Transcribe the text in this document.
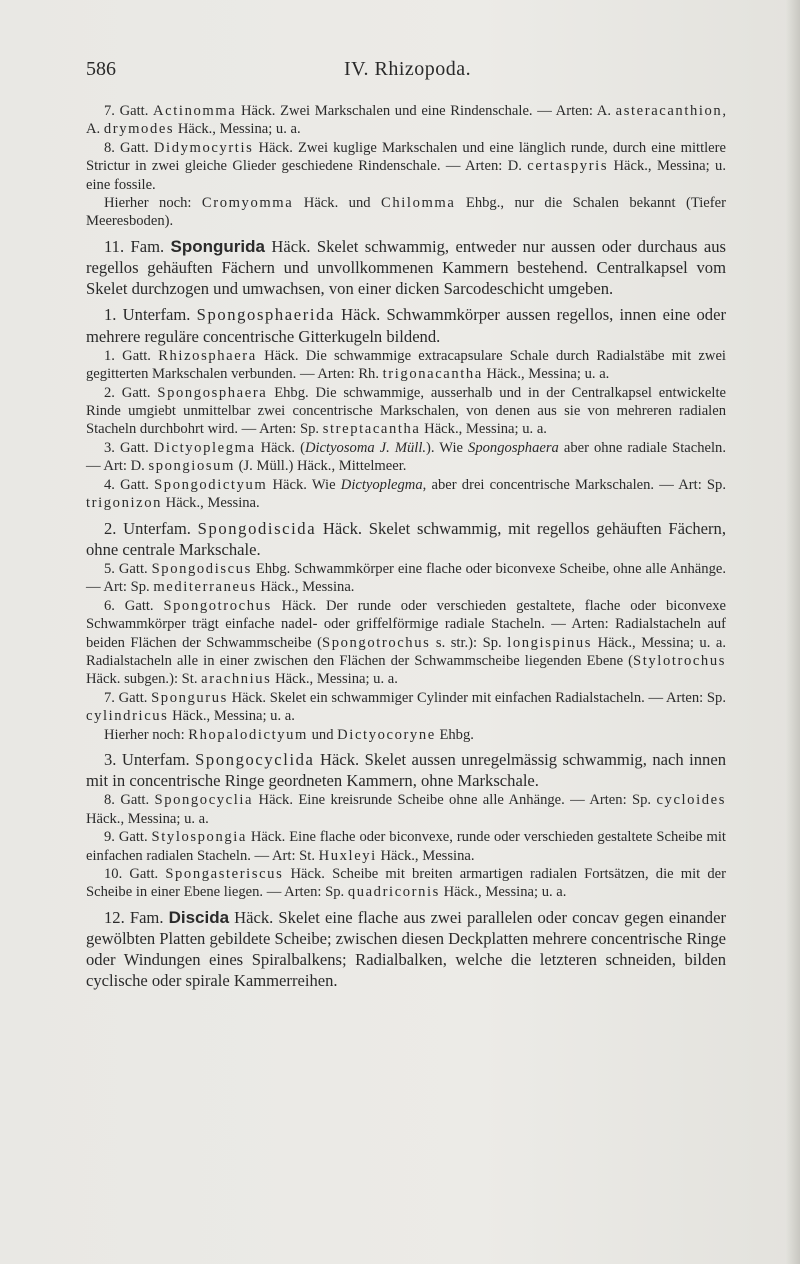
586	IV. Rhizopoda.

7. Gatt. Actinomma Häck. Zwei Markschalen und eine Rindenschale. — Arten: A. asteracanthion, A. drymodes Häck., Messina; u. a.

8. Gatt. Didymocyrtis Häck. Zwei kuglige Markschalen und eine länglich runde, durch eine mittlere Strictur in zwei gleiche Glieder geschiedene Rindenschale. — Arten: D. certaspyris Häck., Messina; u. eine fossile.

Hierher noch: Cromyomma Häck. und Chilomma Ehbg., nur die Schalen bekannt (Tiefer Meeresboden).

11. Fam. Spongurida Häck. Skelet schwammig, entweder nur aussen oder durchaus aus regellos gehäuften Fächern und unvollkommenen Kammern bestehend. Centralkapsel vom Skelet durchzogen und umwachsen, von einer dicken Sarcodeschicht umgeben.

1. Unterfam. Spongosphaerida Häck. Schwammkörper aussen regellos, innen eine oder mehrere reguläre concentrische Gitterkugeln bildend.

1. Gatt. Rhizosphaera Häck. Die schwammige extracapsulare Schale durch Radialstäbe mit zwei gegitterten Markschalen verbunden. — Arten: Rh. trigonacantha Häck., Messina; u. a.

2. Gatt. Spongosphaera Ehbg. Die schwammige, ausserhalb und in der Centralkapsel entwickelte Rinde umgiebt unmittelbar zwei concentrische Markschalen, von denen aus sie von mehreren radialen Stacheln durchbohrt wird. — Arten: Sp. streptacantha Häck., Messina; u. a.

3. Gatt. Dictyoplegma Häck. (Dictyosoma J. Müll.). Wie Spongosphaera aber ohne radiale Stacheln. — Art: D. spongiosum (J. Müll.) Häck., Mittelmeer.

4. Gatt. Spongodictyum Häck. Wie Dictyoplegma, aber drei concentrische Markschalen. — Art: Sp. trigonizon Häck., Messina.

2. Unterfam. Spongodiscida Häck. Skelet schwammig, mit regellos gehäuften Fächern, ohne centrale Markschale.

5. Gatt. Spongodiscus Ehbg. Schwammkörper eine flache oder biconvexe Scheibe, ohne alle Anhänge. — Art: Sp. mediterraneus Häck., Messina.

6. Gatt. Spongotrochus Häck. Der runde oder verschieden gestaltete, flache oder biconvexe Schwammkörper trägt einfache nadel- oder griffelförmige radiale Stacheln. — Arten: Radialstacheln auf beiden Flächen der Schwammscheibe (Spongotrochus s. str.): Sp. longispinus Häck., Messina; u. a. Radialstacheln alle in einer zwischen den Flächen der Schwammscheibe liegenden Ebene (Stylotrochus Häck. subgen.): St. arachnius Häck., Messina; u. a.

7. Gatt. Spongurus Häck. Skelet ein schwammiger Cylinder mit einfachen Radialstacheln. — Arten: Sp. cylindricus Häck., Messina; u. a.

Hierher noch: Rhopalodictyum und Dictyocoryne Ehbg.

3. Unterfam. Spongocyclida Häck. Skelet aussen unregelmässig schwammig, nach innen mit in concentrische Ringe geordneten Kammern, ohne Markschale.

8. Gatt. Spongocyclia Häck. Eine kreisrunde Scheibe ohne alle Anhänge. — Arten: Sp. cycloides Häck., Messina; u. a.

9. Gatt. Stylospongia Häck. Eine flache oder biconvexe, runde oder verschieden gestaltete Scheibe mit einfachen radialen Stacheln. — Art: St. Huxleyi Häck., Messina.

10. Gatt. Spongasteriscus Häck. Scheibe mit breiten armartigen radialen Fortsätzen, die mit der Scheibe in einer Ebene liegen. — Arten: Sp. quadricornis Häck., Messina; u. a.

12. Fam. Discida Häck. Skelet eine flache aus zwei parallelen oder concav gegen einander gewölbten Platten gebildete Scheibe; zwischen diesen Deckplatten mehrere concentrische Ringe oder Windungen eines Spiralbalkens; Radialbalken, welche die letzteren schneiden, bilden cyclische oder spirale Kammerreihen.
